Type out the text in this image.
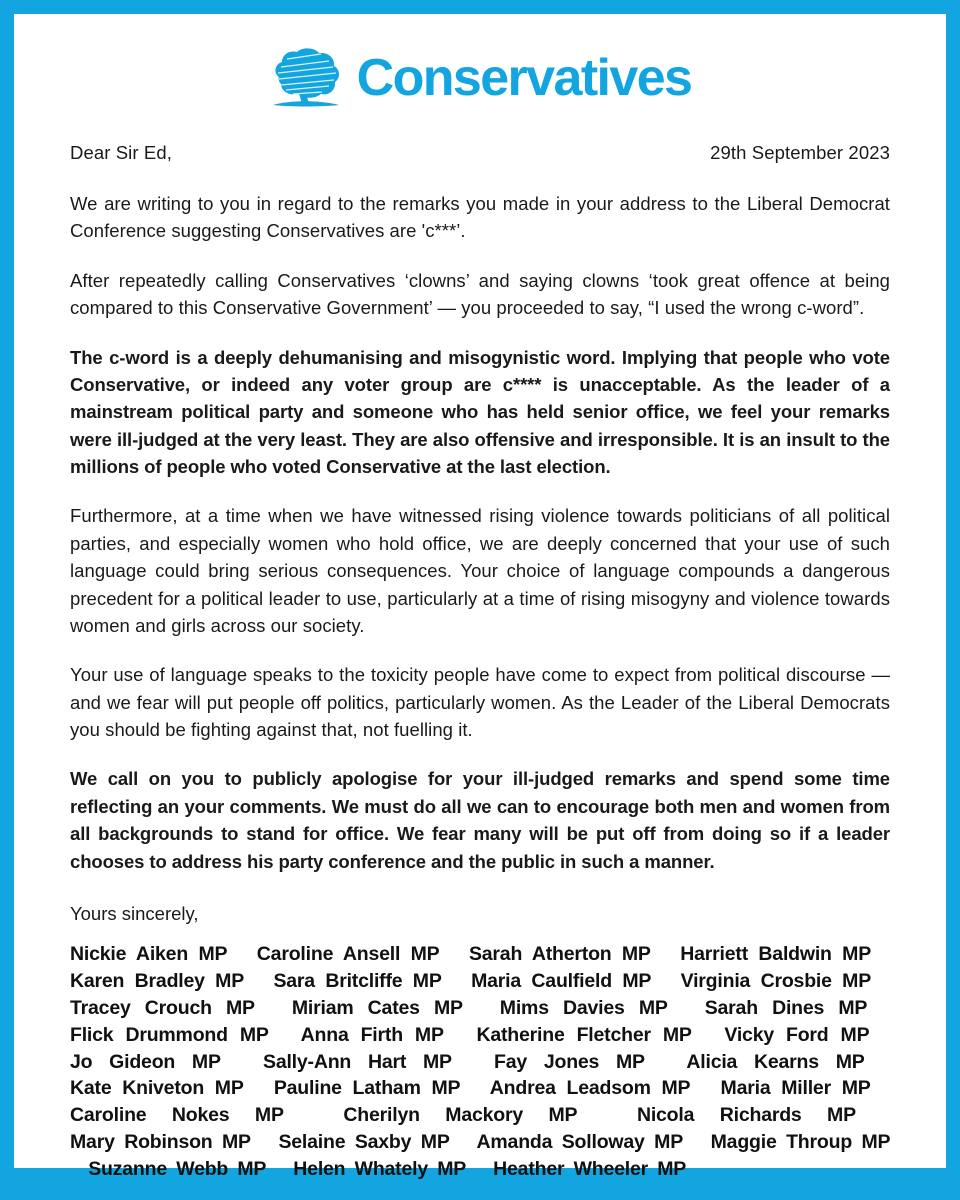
Conservatives
Dear Sir Ed,	29th September 2023

We are writing to you in regard to the remarks you made in your address to the Liberal Democrat Conference suggesting Conservatives are 'c***’.

After repeatedly calling Conservatives ‘clowns’ and saying clowns ‘took great offence at being compared to this Conservative Government’ — you proceeded to say, “I used the wrong c-word”.

The c-word is a deeply dehumanising and misogynistic word. Implying that people who vote Conservative, or indeed any voter group are c**** is unacceptable. As the leader of a mainstream political party and someone who has held senior office, we feel your remarks were ill-judged at the very least. They are also offensive and irresponsible. It is an insult to the millions of people who voted Conservative at the last election.

Furthermore, at a time when we have witnessed rising violence towards politicians of all political parties, and especially women who hold office, we are deeply concerned that your use of such language could bring serious consequences. Your choice of language compounds a dangerous precedent for a political leader to use, particularly at a time of rising misogyny and violence towards women and girls across our society.

Your use of language speaks to the toxicity people have come to expect from political discourse — and we fear will put people off politics, particularly women. As the Leader of the Liberal Democrats you should be fighting against that, not fuelling it.

We call on you to publicly apologise for your ill-judged remarks and spend some time reflecting an your comments. We must do all we can to encourage both men and women from all backgrounds to stand for office. We fear many will be put off from doing so if a leader chooses to address his party conference and the public in such a manner.

Yours sincerely,
Nickie Aiken MP Caroline Ansell MP Sarah Atherton MP Harriett Baldwin MP  Karen Bradley MP Sara Britcliffe MP Maria Caulfield MP Virginia Crosbie MP  Tracey Crouch MP Miriam Cates MP Mims Davies MP Sarah Dines MP  Flick Drummond MP Anna Firth MP Katherine Fletcher MP Vicky Ford MP  Jo Gideon MP Sally-Ann Hart MP Fay Jones MP Alicia Kearns MP  Kate Kniveton MP Pauline Latham MP Andrea Leadsom MP Maria Miller MP  Caroline Nokes MP	Cherilyn Mackory MP	Nicola Richards MP  Mary Robinson MP Selaine Saxby MP Amanda Solloway MP Maggie Throup MP  Suzanne Webb MP Helen Whately MP Heather Wheeler MP
